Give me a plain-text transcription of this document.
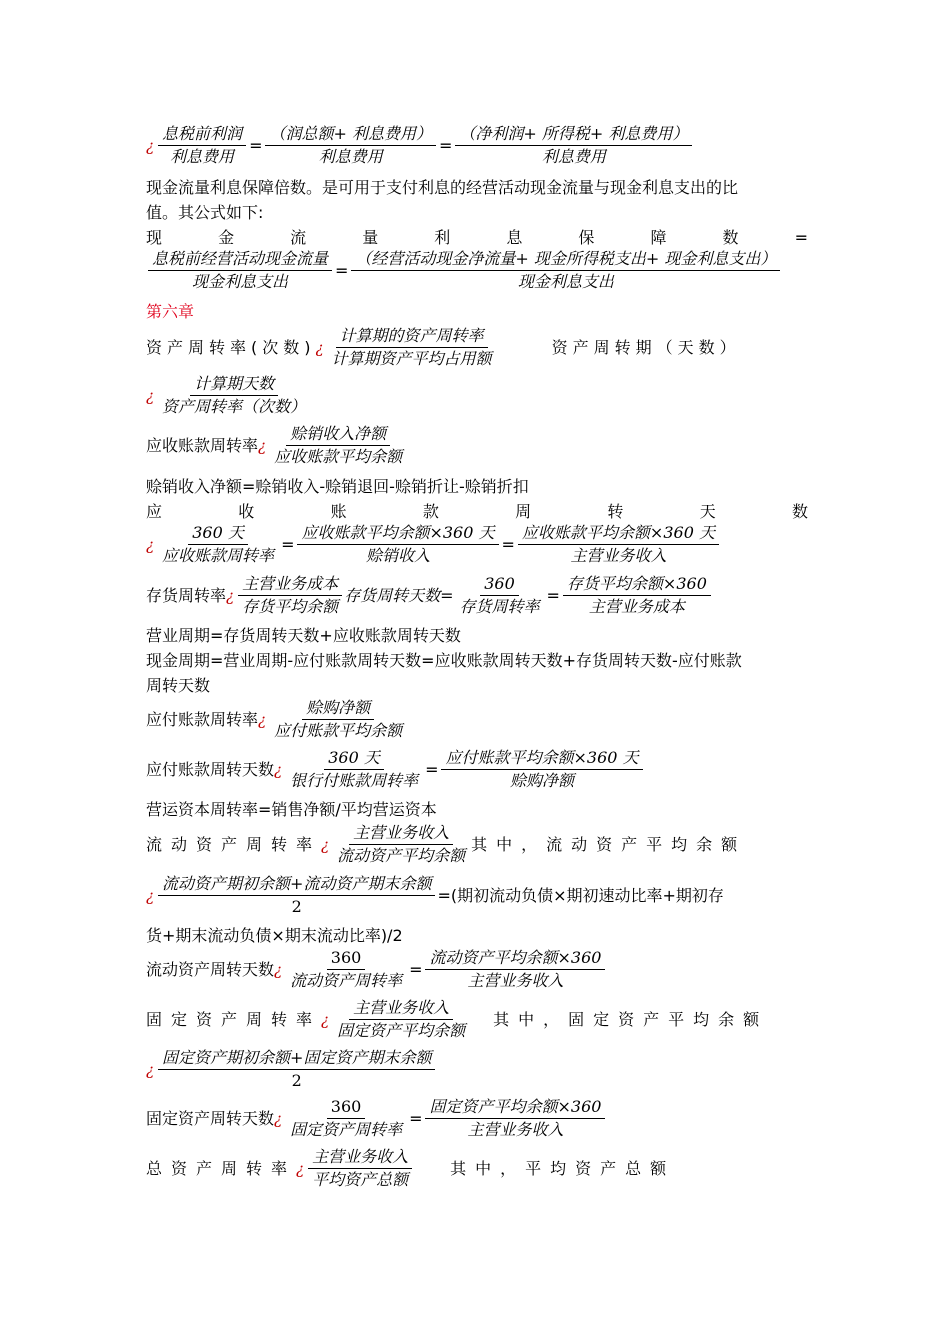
¿ $\frac{\text{息税前利润}}{\text{利息费用}} = \frac{\text{（润总额+ 利息费用）}}{\text{利息费用}} = \frac{\text{（净利润+ 所得税+ 利息费用）}}{\text{利息费用}}$
现金流量利息保障倍数。是可用于支付利息的经营活动现金流量与现金利息支出的比
值。其公式如下:
现	金	流	量	利	息	保	障	数	=
$\frac{\text{息税前经营活动现金流量}}{\text{现金利息支出}} = \frac{\text{（经营活动现金净流量+ 现金所得税支出+ 现金利息支出）}}{\text{现金利息支出}}$
第六章
资产周转率(次数) ¿ $\frac{\text{计算期的资产周转率}}{\text{计算期资产平均占用额}}$	资产周转期（天数）
¿ $\frac{\text{计算期天数}}{\text{资产周转率（次数）}}$
应收账款周转率 ¿ $\frac{\text{赊销收入净额}}{\text{应收账款平均余额}}$
赊销收入净额=赊销收入-赊销退回-赊销折让-赊销折扣
应	收	账	款	周	转	天	数
¿ $\frac{\text{360 天}}{\text{应收账款周转率}} = \frac{\text{应收账款平均余额×360 天}}{\text{赊销收入}} = \frac{\text{应收账款平均余额×360 天}}{\text{主营业务收入}}$
存货周转率 ¿ $\frac{\text{主营业务成本}}{\text{存货平均余额}}$ 存货周转天数= $\frac{360}{\text{存货周转率}} = \frac{\text{存货平均余额×360}}{\text{主营业务成本}}$
营业周期=存货周转天数+应收账款周转天数
现金周期=营业周期-应付账款周转天数=应收账款周转天数+存货周转天数-应付账款
周转天数
应付账款周转率 ¿ $\frac{\text{赊购净额}}{\text{应付账款平均余额}}$
应付账款周转天数 ¿ $\frac{\text{360 天}}{\text{银行付账款周转率}} = \frac{\text{应付账款平均余额×360 天}}{\text{赊购净额}}$
营运资本周转率=销售净额/平均营运资本
流动资产周转率 ¿ $\frac{\text{主营业务收入}}{\text{流动资产平均余额}}$ 其中，流动资产平均余额
¿ $\frac{\text{流动资产期初余额+流动资产期末余额}}{2}$ =(期初流动负债×期初速动比率+期初存
货+期末流动负债×期末流动比率)/2
流动资产周转天数 ¿ $\frac{360}{\text{流动资产周转率}} = \frac{\text{流动资产平均余额×360}}{\text{主营业务收入}}$
固定资产周转率 ¿ $\frac{\text{主营业务收入}}{\text{固定资产平均余额}}$ 其中，固定资产平均余额
¿ $\frac{\text{固定资产期初余额+固定资产期末余额}}{2}$
固定资产周转天数 ¿ $\frac{360}{\text{固定资产周转率}} = \frac{\text{固定资产平均余额×360}}{\text{主营业务收入}}$
总资产周转率 ¿ $\frac{\text{主营业务收入}}{\text{平均资产总额}}$ 其中，平均资产总额
